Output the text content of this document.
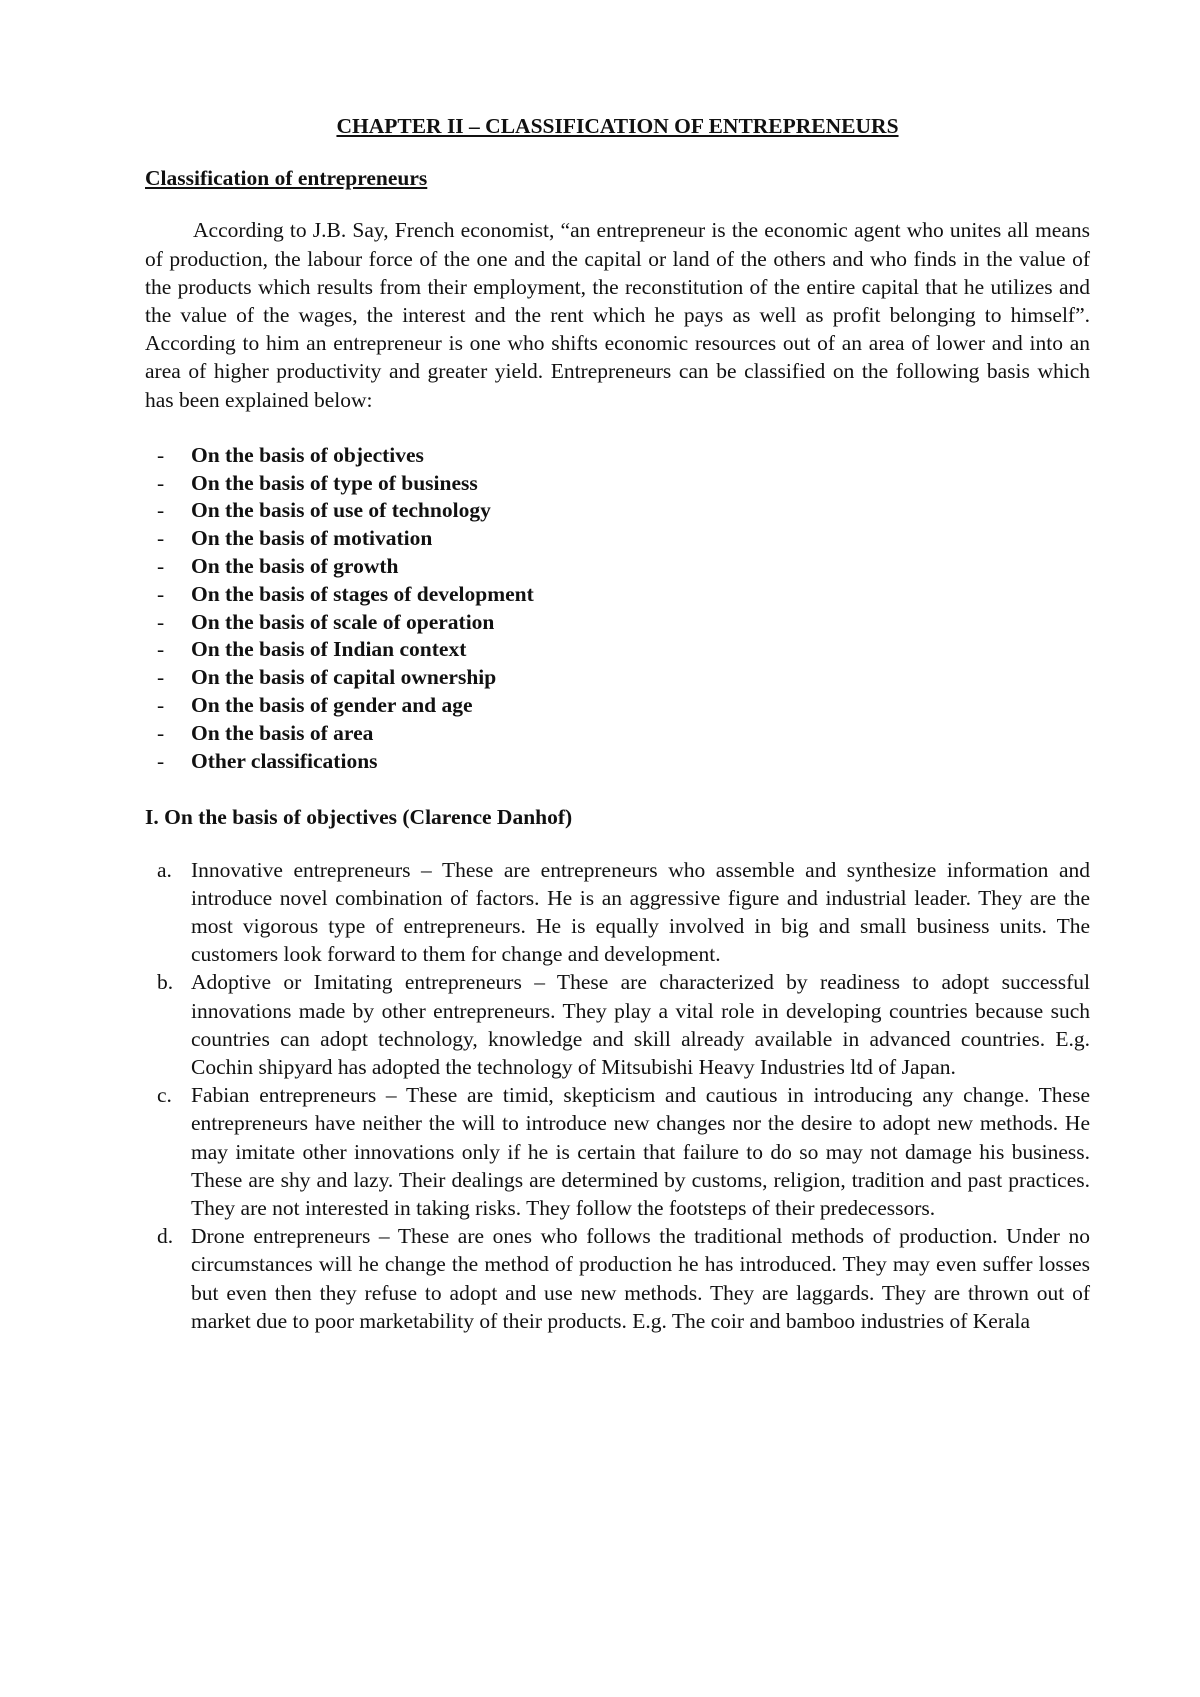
CHAPTER II – CLASSIFICATION OF ENTREPRENEURS
Classification of entrepreneurs

According to J.B. Say, French economist, “an entrepreneur is the economic agent who unites all means of production, the labour force of the one and the capital or land of the others and who finds in the value of the products which results from their employment, the reconstitution of the entire capital that he utilizes and the value of the wages, the interest and the rent which he pays as well as profit belonging to himself”. According to him an entrepreneur is one who shifts economic resources out of an area of lower and into an area of higher productivity and greater yield. Entrepreneurs can be classified on the following basis which has been explained below:

- On the basis of objectives
- On the basis of type of business
- On the basis of use of technology
- On the basis of motivation
- On the basis of growth
- On the basis of stages of development
- On the basis of scale of operation
- On the basis of Indian context
- On the basis of capital ownership
- On the basis of gender and age
- On the basis of area
- Other classifications
I. On the basis of objectives (Clarence Danhof)
a. Innovative entrepreneurs – These are entrepreneurs who assemble and synthesize information and introduce novel combination of factors. He is an aggressive figure and industrial leader. They are the most vigorous type of entrepreneurs. He is equally involved in big and small business units. The customers look forward to them for change and development.
b. Adoptive or Imitating entrepreneurs – These are characterized by readiness to adopt successful innovations made by other entrepreneurs. They play a vital role in developing countries because such countries can adopt technology, knowledge and skill already available in advanced countries. E.g. Cochin shipyard has adopted the technology of Mitsubishi Heavy Industries ltd of Japan.
c. Fabian entrepreneurs – These are timid, skepticism and cautious in introducing any change. These entrepreneurs have neither the will to introduce new changes nor the desire to adopt new methods. He may imitate other innovations only if he is certain that failure to do so may not damage his business. These are shy and lazy. Their dealings are determined by customs, religion, tradition and past practices. They are not interested in taking risks. They follow the footsteps of their predecessors.
d. Drone entrepreneurs – These are ones who follows the traditional methods of production. Under no circumstances will he change the method of production he has introduced. They may even suffer losses but even then they refuse to adopt and use new methods. They are laggards. They are thrown out of market due to poor marketability of their products. E.g. The coir and bamboo industries of Kerala
